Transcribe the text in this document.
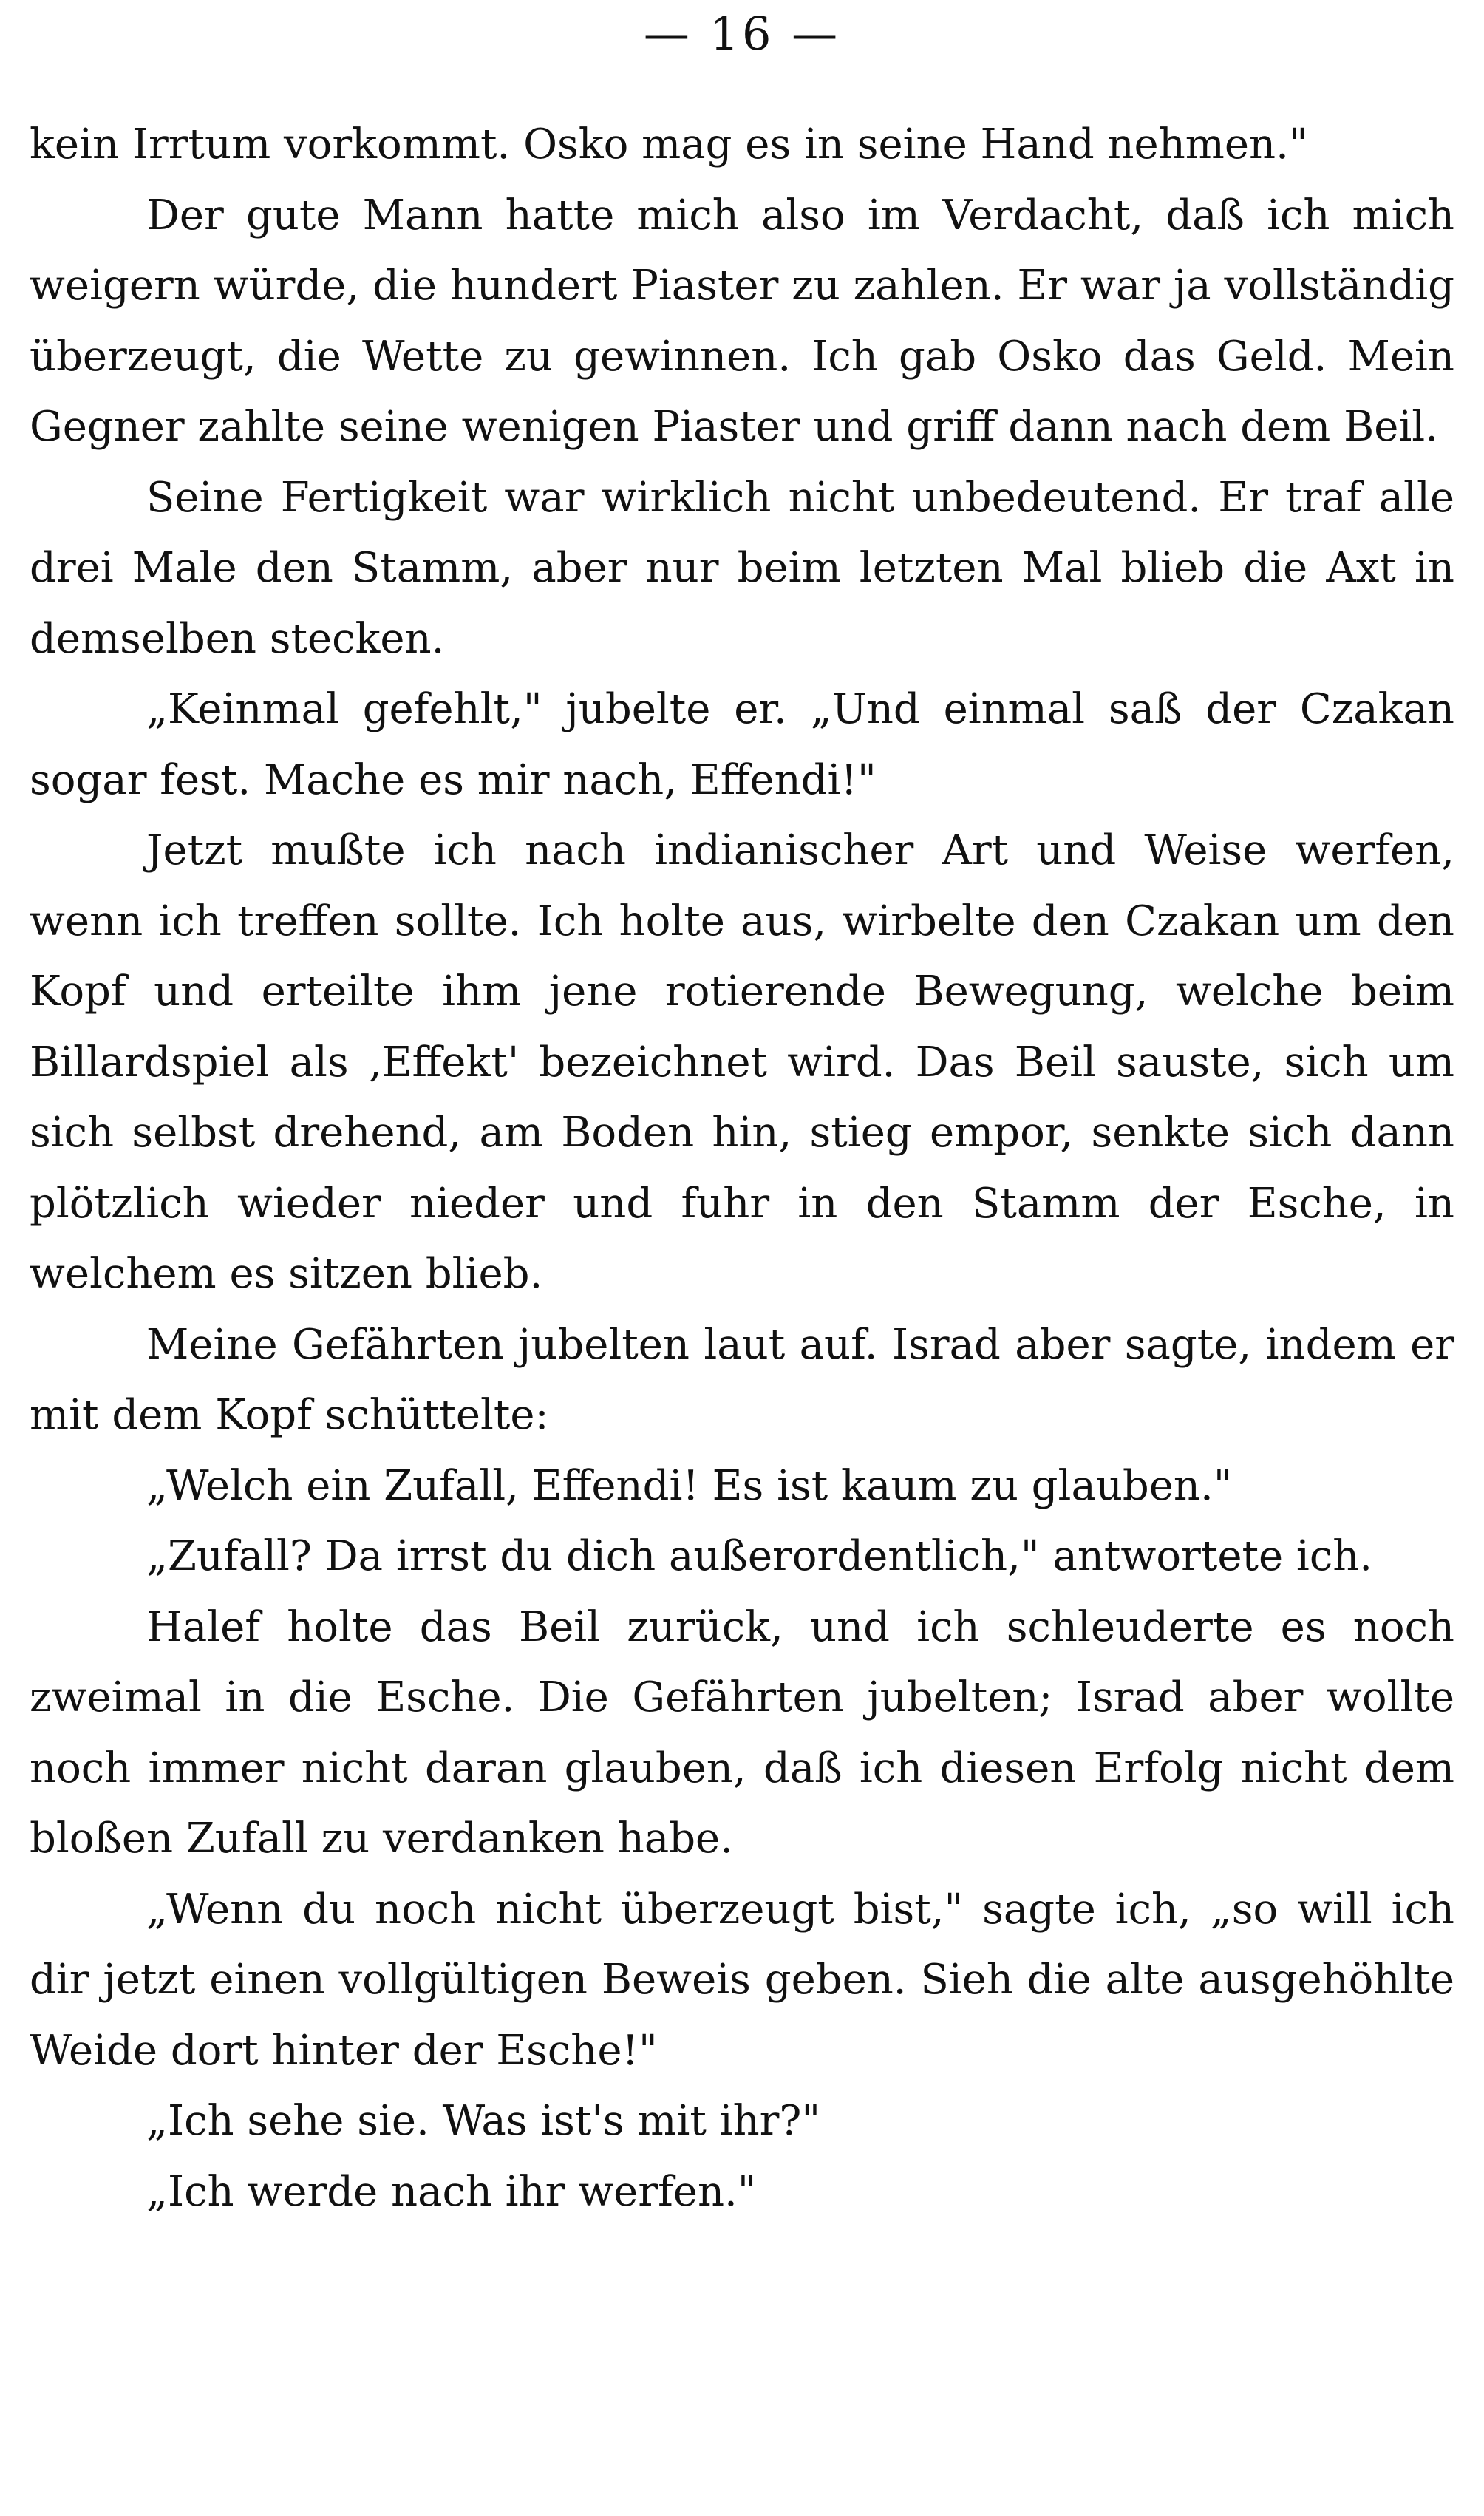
— 16 —

kein Irrtum vorkommt. Osko mag es in seine Hand nehmen."

Der gute Mann hatte mich also im Verdacht, daß ich mich weigern würde, die hundert Piaster zu zahlen. Er war ja vollständig überzeugt, die Wette zu gewinnen. Ich gab Osko das Geld. Mein Gegner zahlte seine wenigen Piaster und griff dann nach dem Beil.

Seine Fertigkeit war wirklich nicht unbedeutend. Er traf alle drei Male den Stamm, aber nur beim letzten Mal blieb die Axt in demselben stecken.

„Keinmal gefehlt," jubelte er. „Und einmal saß der Czakan sogar fest. Mache es mir nach, Effendi!"

Jetzt mußte ich nach indianischer Art und Weise werfen, wenn ich treffen sollte. Ich holte aus, wirbelte den Czakan um den Kopf und erteilte ihm jene rotierende Bewegung, welche beim Billardspiel als ‚Effekt' bezeichnet wird. Das Beil sauste, sich um sich selbst drehend, am Boden hin, stieg empor, senkte sich dann plötzlich wieder nieder und fuhr in den Stamm der Esche, in welchem es sitzen blieb.

Meine Gefährten jubelten laut auf. Israd aber sagte, indem er mit dem Kopf schüttelte:

„Welch ein Zufall, Effendi! Es ist kaum zu glauben."

„Zufall? Da irrst du dich außerordentlich," antwortete ich.

Halef holte das Beil zurück, und ich schleuderte es noch zweimal in die Esche. Die Gefährten jubelten; Israd aber wollte noch immer nicht daran glauben, daß ich diesen Erfolg nicht dem bloßen Zufall zu verdanken habe.

„Wenn du noch nicht überzeugt bist," sagte ich, „so will ich dir jetzt einen vollgültigen Beweis geben. Sieh die alte ausgehöhlte Weide dort hinter der Esche!"

„Ich sehe sie. Was ist's mit ihr?"

„Ich werde nach ihr werfen."
